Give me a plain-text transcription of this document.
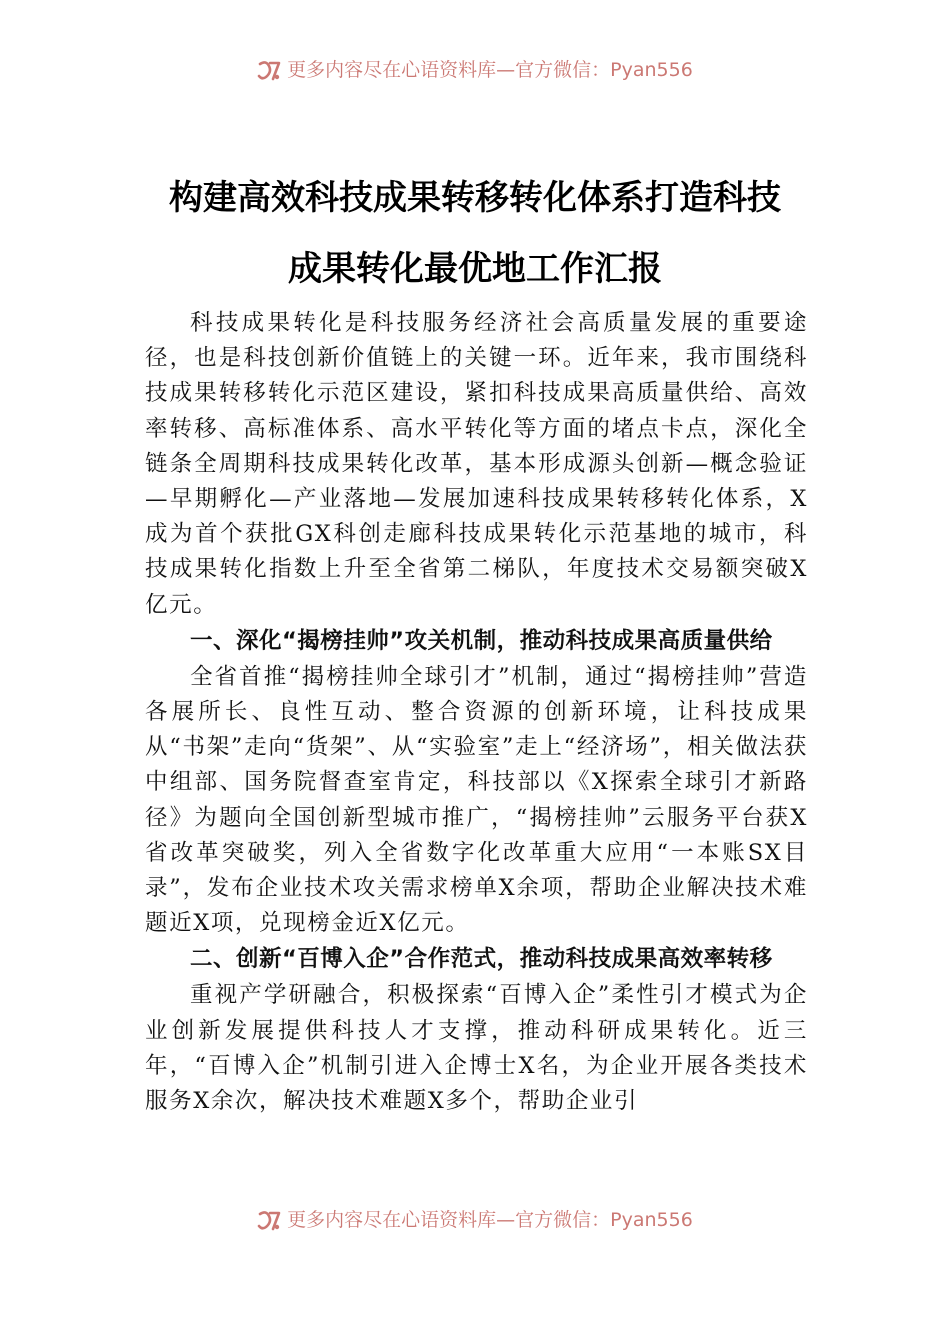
更多内容尽在心语资料库—官方微信：Pyan556
构建高效科技成果转移转化体系打造科技
成果转化最优地工作汇报

科技成果转化是科技服务经济社会高质量发展的重要途径，也是科技创新价值链上的关键一环。近年来，我市围绕科技成果转移转化示范区建设，紧扣科技成果高质量供给、高效率转移、高标准体系、高水平转化等方面的堵点卡点，深化全链条全周期科技成果转化改革，基本形成源头创新—概念验证—早期孵化—产业落地—发展加速科技成果转移转化体系，X成为首个获批GX科创走廊科技成果转化示范基地的城市，科技成果转化指数上升至全省第二梯队，年度技术交易额突破X亿元。

一、深化“揭榜挂帅”攻关机制，推动科技成果高质量供给

全省首推“揭榜挂帅全球引才”机制，通过“揭榜挂帅”营造各展所长、良性互动、整合资源的创新环境，让科技成果从“书架”走向“货架”、从“实验室”走上“经济场”，相关做法获中组部、国务院督查室肯定，科技部以《X探索全球引才新路径》为题向全国创新型城市推广，“揭榜挂帅”云服务平台获X省改革突破奖，列入全省数字化改革重大应用“一本账SX目录”，发布企业技术攻关需求榜单X余项，帮助企业解决技术难题近X项，兑现榜金近X亿元。

二、创新“百博入企”合作范式，推动科技成果高效率转移

重视产学研融合，积极探索“百博入企”柔性引才模式为企业创新发展提供科技人才支撑，推动科研成果转化。近三年，“百博入企”机制引进入企博士X名，为企业开展各类技术服务X余次，解决技术难题X多个，帮助企业引

更多内容尽在心语资料库—官方微信：Pyan556
